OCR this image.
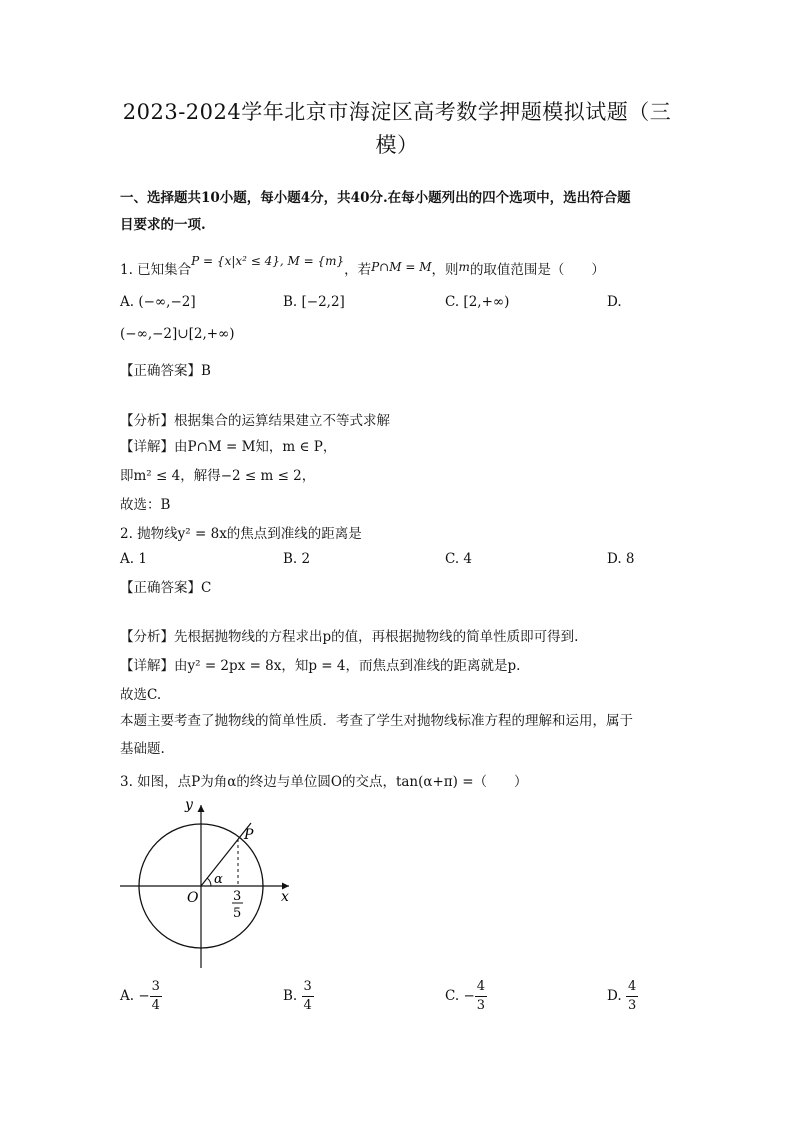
2023-2024学年北京市海淀区高考数学押题模拟试题（三
模）
一、选择题共10小题，每小题4分，共40分.在每小题列出的四个选项中，选出符合题
目要求的一项.
1. 已知集合P = {x|x² ≤ 4}, M = {m}，若P∩M = M，则m的取值范围是（　　）
A. (−∞,−2]	B. [−2,2]	C. [2,+∞)	D.
(−∞,−2]∪[2,+∞)
【正确答案】B
【分析】根据集合的运算结果建立不等式求解
【详解】由P∩M = M知，m ∈ P，
即m² ≤ 4，解得−2 ≤ m ≤ 2，
故选：B
2. 抛物线y² = 8x的焦点到准线的距离是
A. 1	B. 2	C. 4	D. 8
【正确答案】C
【分析】先根据抛物线的方程求出p的值，再根据抛物线的简单性质即可得到.
【详解】由y² = 2px = 8x，知p = 4，而焦点到准线的距离就是p.
故选C.
本题主要考查了抛物线的简单性质．考查了学生对抛物线标准方程的理解和运用，属于
基础题.
3. 如图，点P为角α的终边与单位圆O的交点，tan(α+π) =（　　）
y
x
O
P
α
3
5
A. − $\frac{3}{4}$	B. $\frac{3}{4}$	C. − $\frac{4}{3}$	D. $\frac{4}{3}$
